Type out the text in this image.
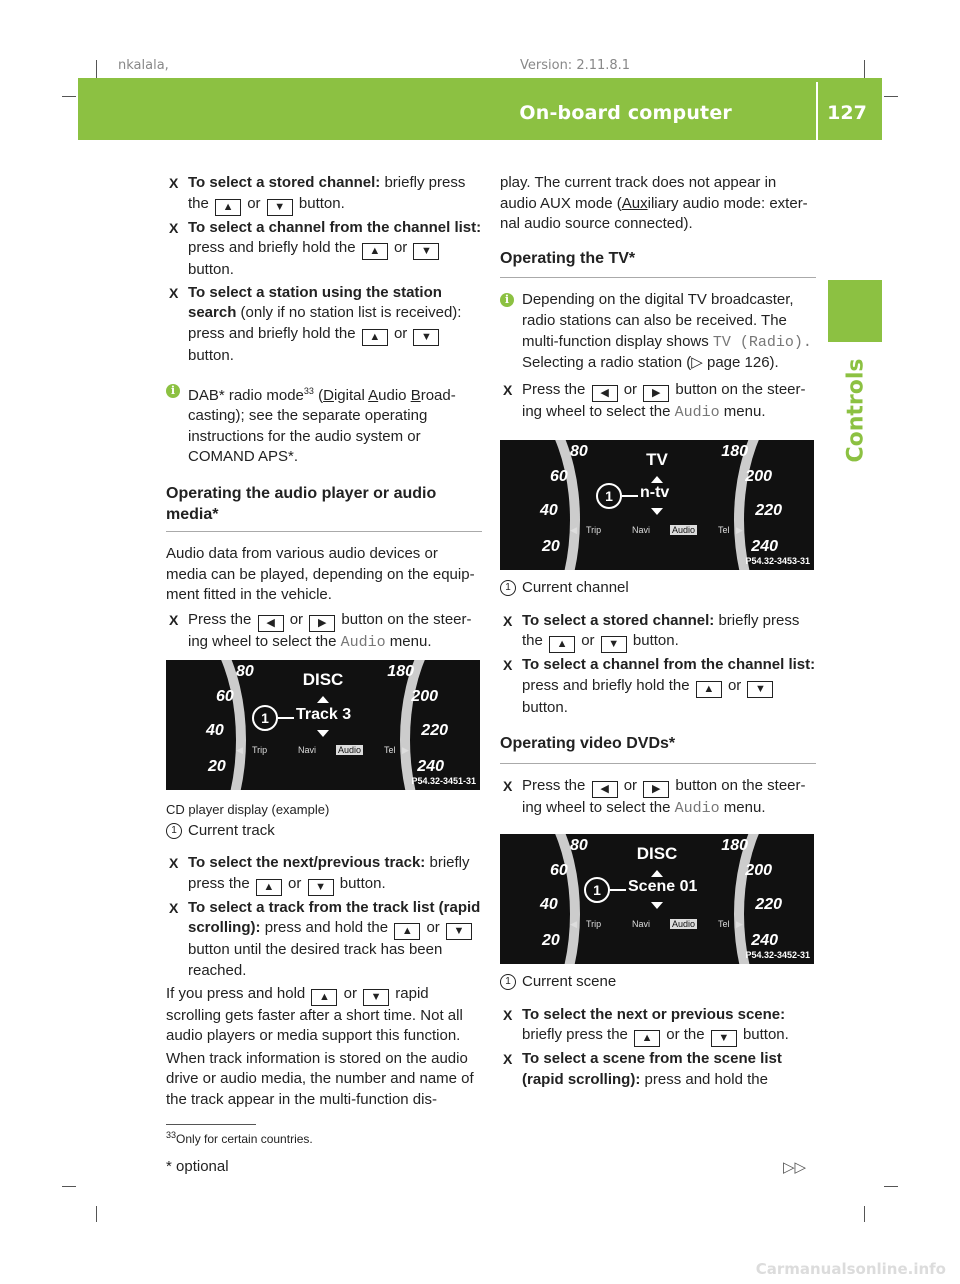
nkalala,	Version: 2.11.8.1
On-board computer	127
Controls

X To select a stored channel: briefly press the ▲ or ▼ button.

X To select a channel from the channel list: press and briefly hold the ▲ or ▼ button.

X To select a station using the station search (only if no station list is received): press and briefly hold the ▲ or ▼ button.

i DAB* radio mode$^{33}$ (Digital Audio Broad-casting); see the separate operating instructions for the audio system or COMAND APS*.

Operating the audio player or audio media*

Audio data from various audio devices or media can be played, depending on the equip-ment fitted in the vehicle.

X Press the ◀ or ▶ button on the steer-ing wheel to select the Audio menu.

80
60
40
20
180
200
220
240
DISC
1	Track 3
◀ Trip	Navi Audio	Tel ▶
P54.32-3451-31

CD player display (example)

1 Current track

X To select the next/previous track: briefly press the ▲ or ▼ button.

X To select a track from the track list (rapid scrolling): press and hold the ▲ or ▼ button until the desired track has been reached.

If you press and hold ▲ or ▼ rapid scrolling gets faster after a short time. Not all audio players or media support this function.

When track information is stored on the audio drive or audio media, the number and name of the track appear in the multi-function dis-

play. The current track does not appear in audio AUX mode (Auxiliary audio mode: exter-nal audio source connected).

Operating the TV*

i Depending on the digital TV broadcaster, radio stations can also be received. The multi-function display shows TV (Radio). Selecting a radio station (▷ page 126).

X Press the ◀ or ▶ button on the steer-ing wheel to select the Audio menu.

80
60
40
20
180
200
220
240
TV
1	n-tv
◀ Trip	Navi Audio	Tel ▶
P54.32-3453-31

1 Current channel

X To select a stored channel: briefly press the ▲ or ▼ button.

X To select a channel from the channel list: press and briefly hold the ▲ or ▼ button.

Operating video DVDs*

X Press the ◀ or ▶ button on the steer-ing wheel to select the Audio menu.

80
60
40
20
180
200
220
240
DISC
1	Scene 01
◀ Trip	Navi Audio	Tel ▶
P54.32-3452-31

1 Current scene

X To select the next or previous scene: briefly press the ▲ or the ▼ button.

X To select a scene from the scene list (rapid scrolling): press and hold the

$^{33}$Only for certain countries.
* optional	▷▷
Carmanualsonline.info
